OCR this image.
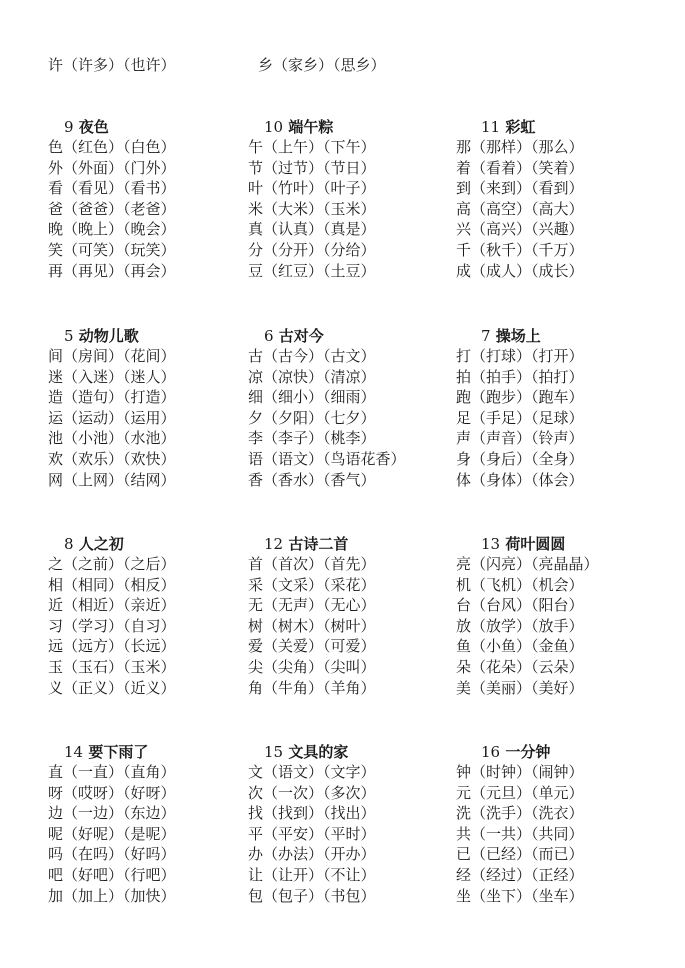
许（许多）（也许）	乡（家乡）（思乡）
9 夜色
色（红色）（白色）
外（外面）（门外）
看（看见）（看书）
爸（爸爸）（老爸）
晚（晚上）（晚会）
笑（可笑）（玩笑）
再（再见）（再会）
10 端午粽
午（上午）（下午）
节（过节）（节日）
叶（竹叶）（叶子）
米（大米）（玉米）
真（认真）（真是）
分（分开）（分给）
豆（红豆）（土豆）
11 彩虹
那（那样）（那么）
着（看着）（笑着）
到（来到）（看到）
高（高空）（高大）
兴（高兴）（兴趣）
千（秋千）（千万）
成（成人）（成长）
5 动物儿歌
间（房间）（花间）
迷（入迷）（迷人）
造（造句）（打造）
运（运动）（运用）
池（小池）（水池）
欢（欢乐）（欢快）
网（上网）（结网）
6 古对今
古（古今）（古文）
凉（凉快）（清凉）
细（细小）（细雨）
夕（夕阳）（七夕）
李（李子）（桃李）
语（语文）（鸟语花香）
香（香水）（香气）
7 操场上
打（打球）（打开）
拍（拍手）（拍打）
跑（跑步）（跑车）
足（手足）（足球）
声（声音）（铃声）
身（身后）（全身）
体（身体）（体会）
8 人之初
之（之前）（之后）
相（相同）（相反）
近（相近）（亲近）
习（学习）（自习）
远（远方）（长远）
玉（玉石）（玉米）
义（正义）（近义）
12 古诗二首
首（首次）（首先）
采（文采）（采花）
无（无声）（无心）
树（树木）（树叶）
爱（关爱）（可爱）
尖（尖角）（尖叫）
角（牛角）（羊角）
13 荷叶圆圆
亮（闪亮）（亮晶晶）
机（飞机）（机会）
台（台风）（阳台）
放（放学）（放手）
鱼（小鱼）（金鱼）
朵（花朵）（云朵）
美（美丽）（美好）
14 要下雨了
直（一直）（直角）
呀（哎呀）（好呀）
边（一边）（东边）
呢（好呢）（是呢）
吗（在吗）（好吗）
吧（好吧）（行吧）
加（加上）（加快）
15 文具的家
文（语文）（文字）
次（一次）（多次）
找（找到）（找出）
平（平安）（平时）
办（办法）（开办）
让（让开）（不让）
包（包子）（书包）
16 一分钟
钟（时钟）（闹钟）
元（元旦）（单元）
洗（洗手）（洗衣）
共（一共）（共同）
已（已经）（而已）
经（经过）（正经）
坐（坐下）（坐车）
